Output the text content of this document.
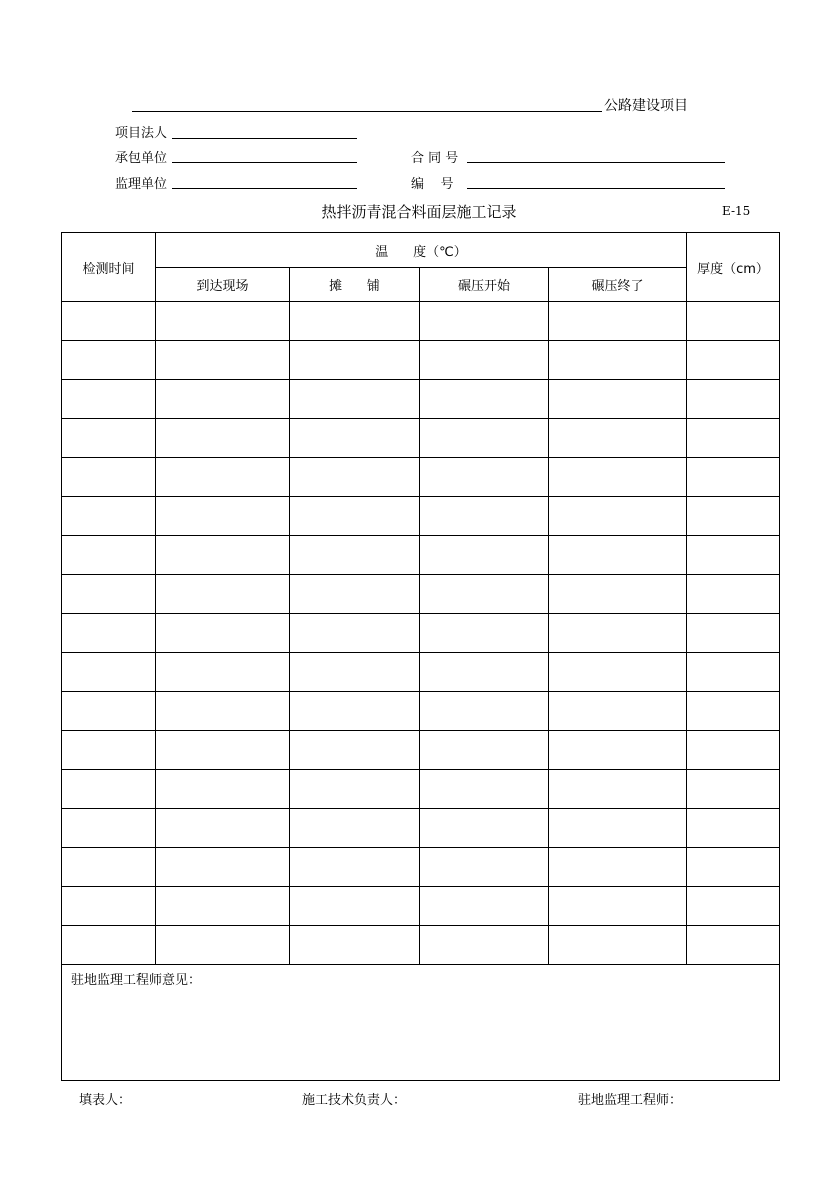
公路建设项目
项目法人
承包单位
监理单位
合 同 号
编    号
热拌沥青混合料面层施工记录	E-15
检测时间	温      度（℃）				厚度（cm）
	到达现场	摊      铺	碾压开始	碾压终了	

驻地监理工程师意见：					
填表人：	施工技术负责人：	驻地监理工程师：
